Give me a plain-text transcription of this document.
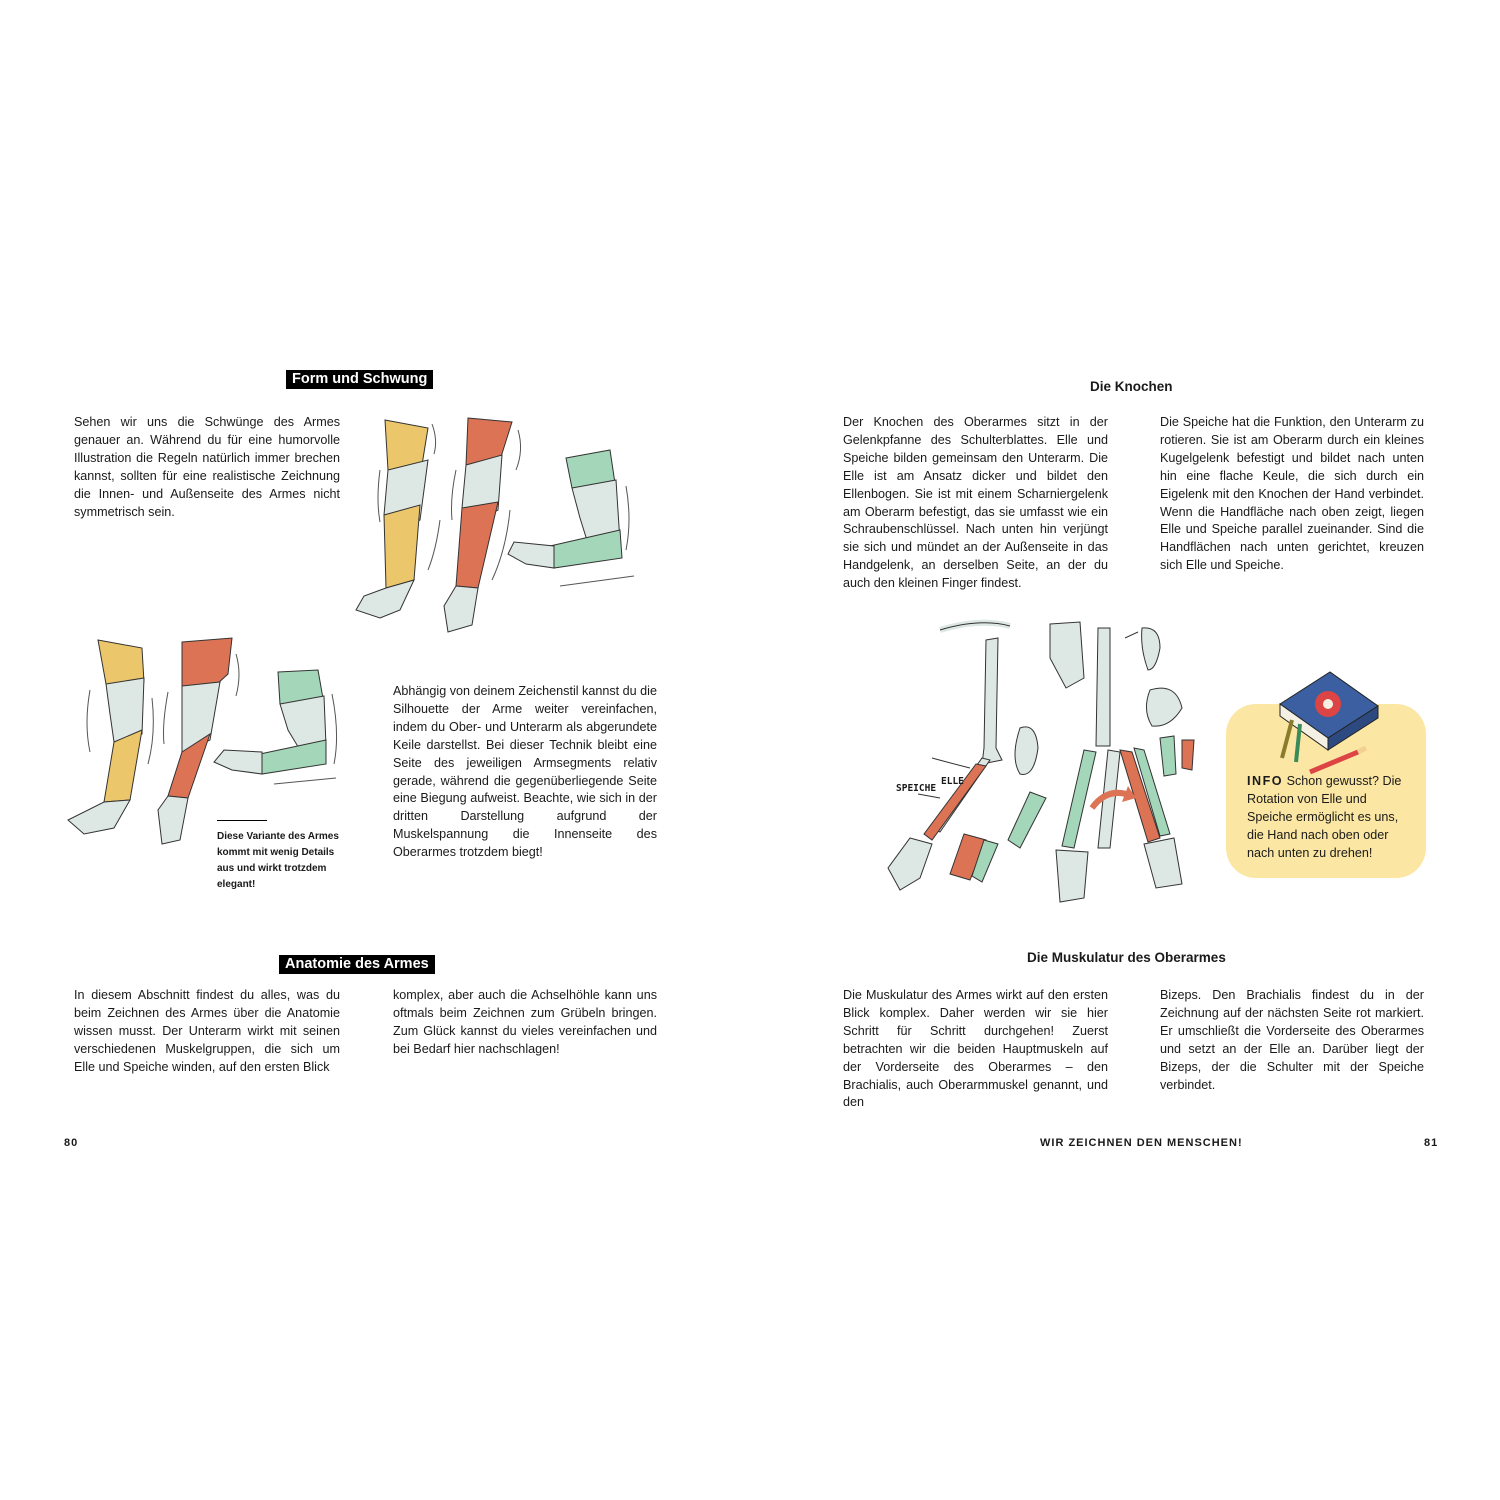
Form und Schwung

Sehen wir uns die Schwünge des Armes genauer an. Während du für eine humorvolle Illustration die Regeln natürlich immer brechen kannst, sollten für eine realistische Zeichnung die Innen- und Außenseite des Armes nicht symmetrisch sein.

Diese Variante des Armes kommt mit wenig Details aus und wirkt trotzdem elegant!

Abhängig von deinem Zeichenstil kannst du die Silhouette der Arme weiter vereinfachen, indem du Ober- und Unterarm als abgerundete Keile darstellst. Bei dieser Technik bleibt eine Seite des jeweiligen Armsegments relativ gerade, während die gegenüberliegende Seite eine Biegung aufweist. Beachte, wie sich in der dritten Darstellung aufgrund der Muskelspannung die Innenseite des Oberarmes trotzdem biegt!

Anatomie des Armes

In diesem Abschnitt findest du alles, was du beim Zeichnen des Armes über die Anatomie wissen musst. Der Unterarm wirkt mit seinen verschiedenen Muskelgruppen, die sich um Elle und Speiche winden, auf den ersten Blick

komplex, aber auch die Achselhöhle kann uns oftmals beim Zeichnen zum Grübeln bringen. Zum Glück kannst du vieles vereinfachen und bei Bedarf hier nachschlagen!

80
Die Knochen

Der Knochen des Oberarmes sitzt in der Gelenkpfanne des Schulterblattes. Elle und Speiche bilden gemeinsam den Unterarm. Die Elle ist am Ansatz dicker und bildet den Ellenbogen. Sie ist mit einem Scharniergelenk am Oberarm befestigt, das sie umfasst wie ein Schraubenschlüssel. Nach unten hin verjüngt sie sich und mündet an der Außenseite in das Handgelenk, an derselben Seite, an der du auch den kleinen Finger findest.

Die Speiche hat die Funktion, den Unterarm zu rotieren. Sie ist am Oberarm durch ein kleines Kugelgelenk befestigt und bildet nach unten hin eine flache Keule, die sich durch ein Eigelenk mit den Knochen der Hand verbindet. Wenn die Handfläche nach oben zeigt, liegen Elle und Speiche parallel zueinander. Sind die Handflächen nach unten gerichtet, kreuzen sich Elle und Speiche.

ELLE
SPEICHE
INFO Schon gewusst? Die Rotation von Elle und Speiche ermöglicht es uns, die Hand nach oben oder nach unten zu drehen!
Die Muskulatur des Oberarmes

Die Muskulatur des Armes wirkt auf den ersten Blick komplex. Daher werden wir sie hier Schritt für Schritt durchgehen! Zuerst betrachten wir die beiden Hauptmuskeln auf der Vorderseite des Oberarmes – den Brachialis, auch Oberarmmuskel genannt, und den

Bizeps. Den Brachialis findest du in der Zeichnung auf der nächsten Seite rot markiert. Er umschließt die Vorderseite des Oberarmes und setzt an der Elle an. Darüber liegt der Bizeps, der die Schulter mit der Speiche verbindet.

WIR ZEICHNEN DEN MENSCHEN!	81
